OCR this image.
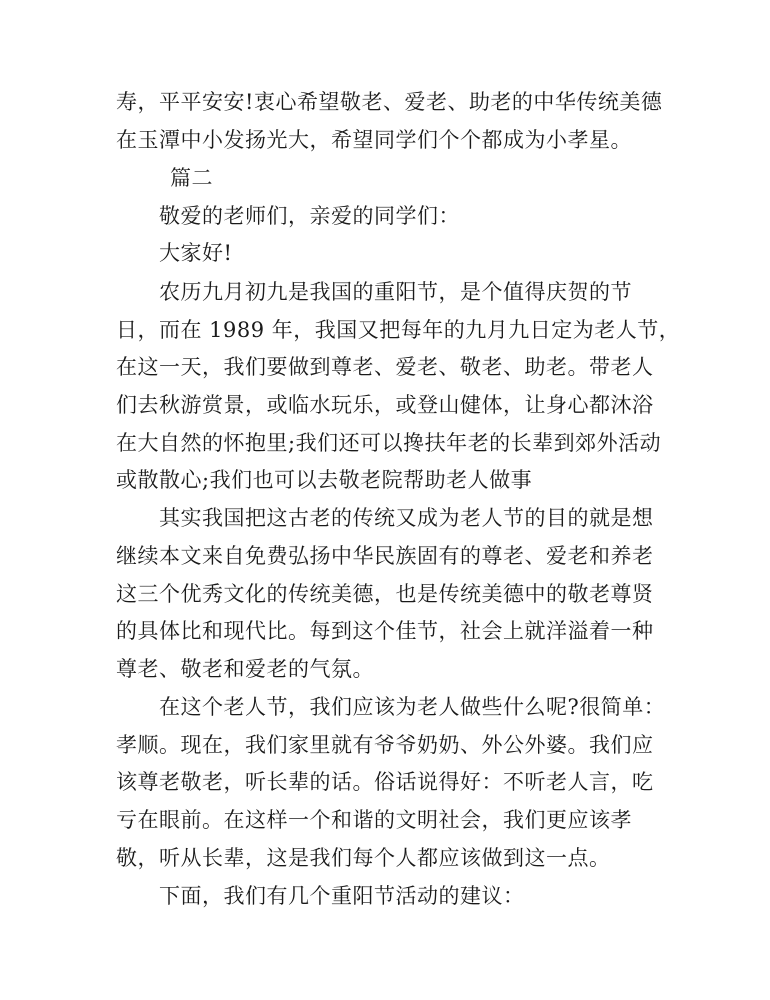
寿，平平安安!衷心希望敬老、爱老、助老的中华传统美德
在玉潭中小发扬光大，希望同学们个个都成为小孝星。
篇二
敬爱的老师们，亲爱的同学们：
大家好!
农历九月初九是我国的重阳节，是个值得庆贺的节
日，而在 1989 年，我国又把每年的九月九日定为老人节，
在这一天，我们要做到尊老、爱老、敬老、助老。带老人
们去秋游赏景，或临水玩乐，或登山健体，让身心都沐浴
在大自然的怀抱里;我们还可以搀扶年老的长辈到郊外活动
或散散心;我们也可以去敬老院帮助老人做事
其实我国把这古老的传统又成为老人节的目的就是想
继续本文来自免费弘扬中华民族固有的尊老、爱老和养老
这三个优秀文化的传统美德，也是传统美德中的敬老尊贤
的具体比和现代比。每到这个佳节，社会上就洋溢着一种
尊老、敬老和爱老的气氛。
在这个老人节，我们应该为老人做些什么呢?很简单：
孝顺。现在，我们家里就有爷爷奶奶、外公外婆。我们应
该尊老敬老，听长辈的话。俗话说得好：不听老人言，吃
亏在眼前。在这样一个和谐的文明社会，我们更应该孝
敬，听从长辈，这是我们每个人都应该做到这一点。
下面，我们有几个重阳节活动的建议：
